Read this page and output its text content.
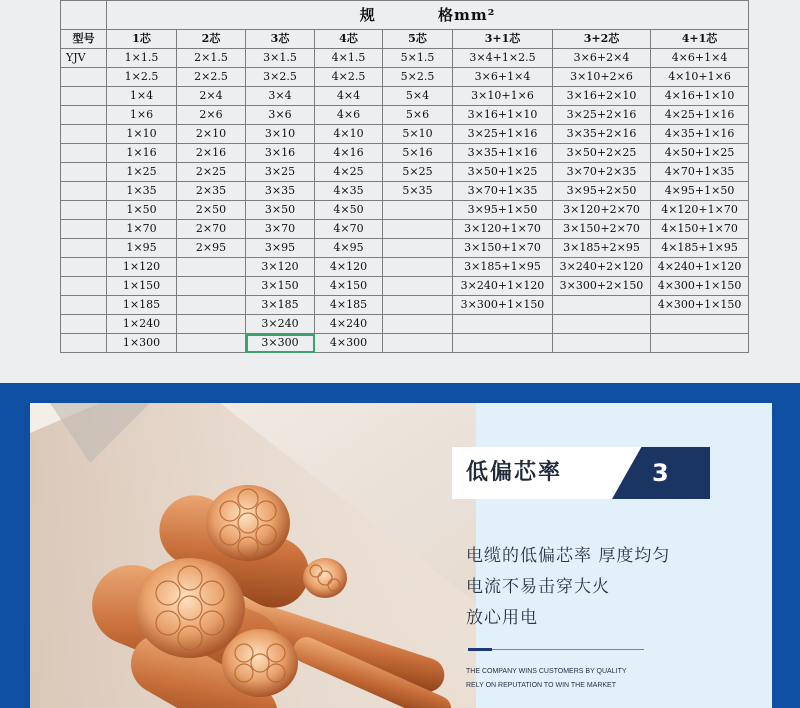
	规          格mm²							
型号	1芯	2芯	3芯	4芯	5芯	3+1芯	3+2芯	4+1芯
YJV	1×1.5	2×1.5	3×1.5	4×1.5	5×1.5	3×4+1×2.5	3×6+2×4	4×6+1×4
	1×2.5	2×2.5	3×2.5	4×2.5	5×2.5	3×6+1×4	3×10+2×6	4×10+1×6
	1×4	2×4	3×4	4×4	5×4	3×10+1×6	3×16+2×10	4×16+1×10
	1×6	2×6	3×6	4×6	5×6	3×16+1×10	3×25+2×16	4×25+1×16
	1×10	2×10	3×10	4×10	5×10	3×25+1×16	3×35+2×16	4×35+1×16
	1×16	2×16	3×16	4×16	5×16	3×35+1×16	3×50+2×25	4×50+1×25
	1×25	2×25	3×25	4×25	5×25	3×50+1×25	3×70+2×35	4×70+1×35
	1×35	2×35	3×35	4×35	5×35	3×70+1×35	3×95+2×50	4×95+1×50
	1×50	2×50	3×50	4×50		3×95+1×50	3×120+2×70	4×120+1×70
	1×70	2×70	3×70	4×70		3×120+1×70	3×150+2×70	4×150+1×70
	1×95	2×95	3×95	4×95		3×150+1×70	3×185+2×95	4×185+1×95
	1×120		3×120	4×120		3×185+1×95	3×240+2×120	4×240+1×120
	1×150		3×150	4×150		3×240+1×120	3×300+2×150	4×300+1×150
	1×185		3×185	4×185		3×300+1×150		4×300+1×150
	1×240		3×240	4×240				
	1×300		3×300	4×300				
低偏芯率	3
电缆的低偏芯率 厚度均匀
电流不易击穿大火
放心用电
THE COMPANY WINS CUSTOMERS BY QUALITY
RELY ON REPUTATION TO WIN THE MARKET
